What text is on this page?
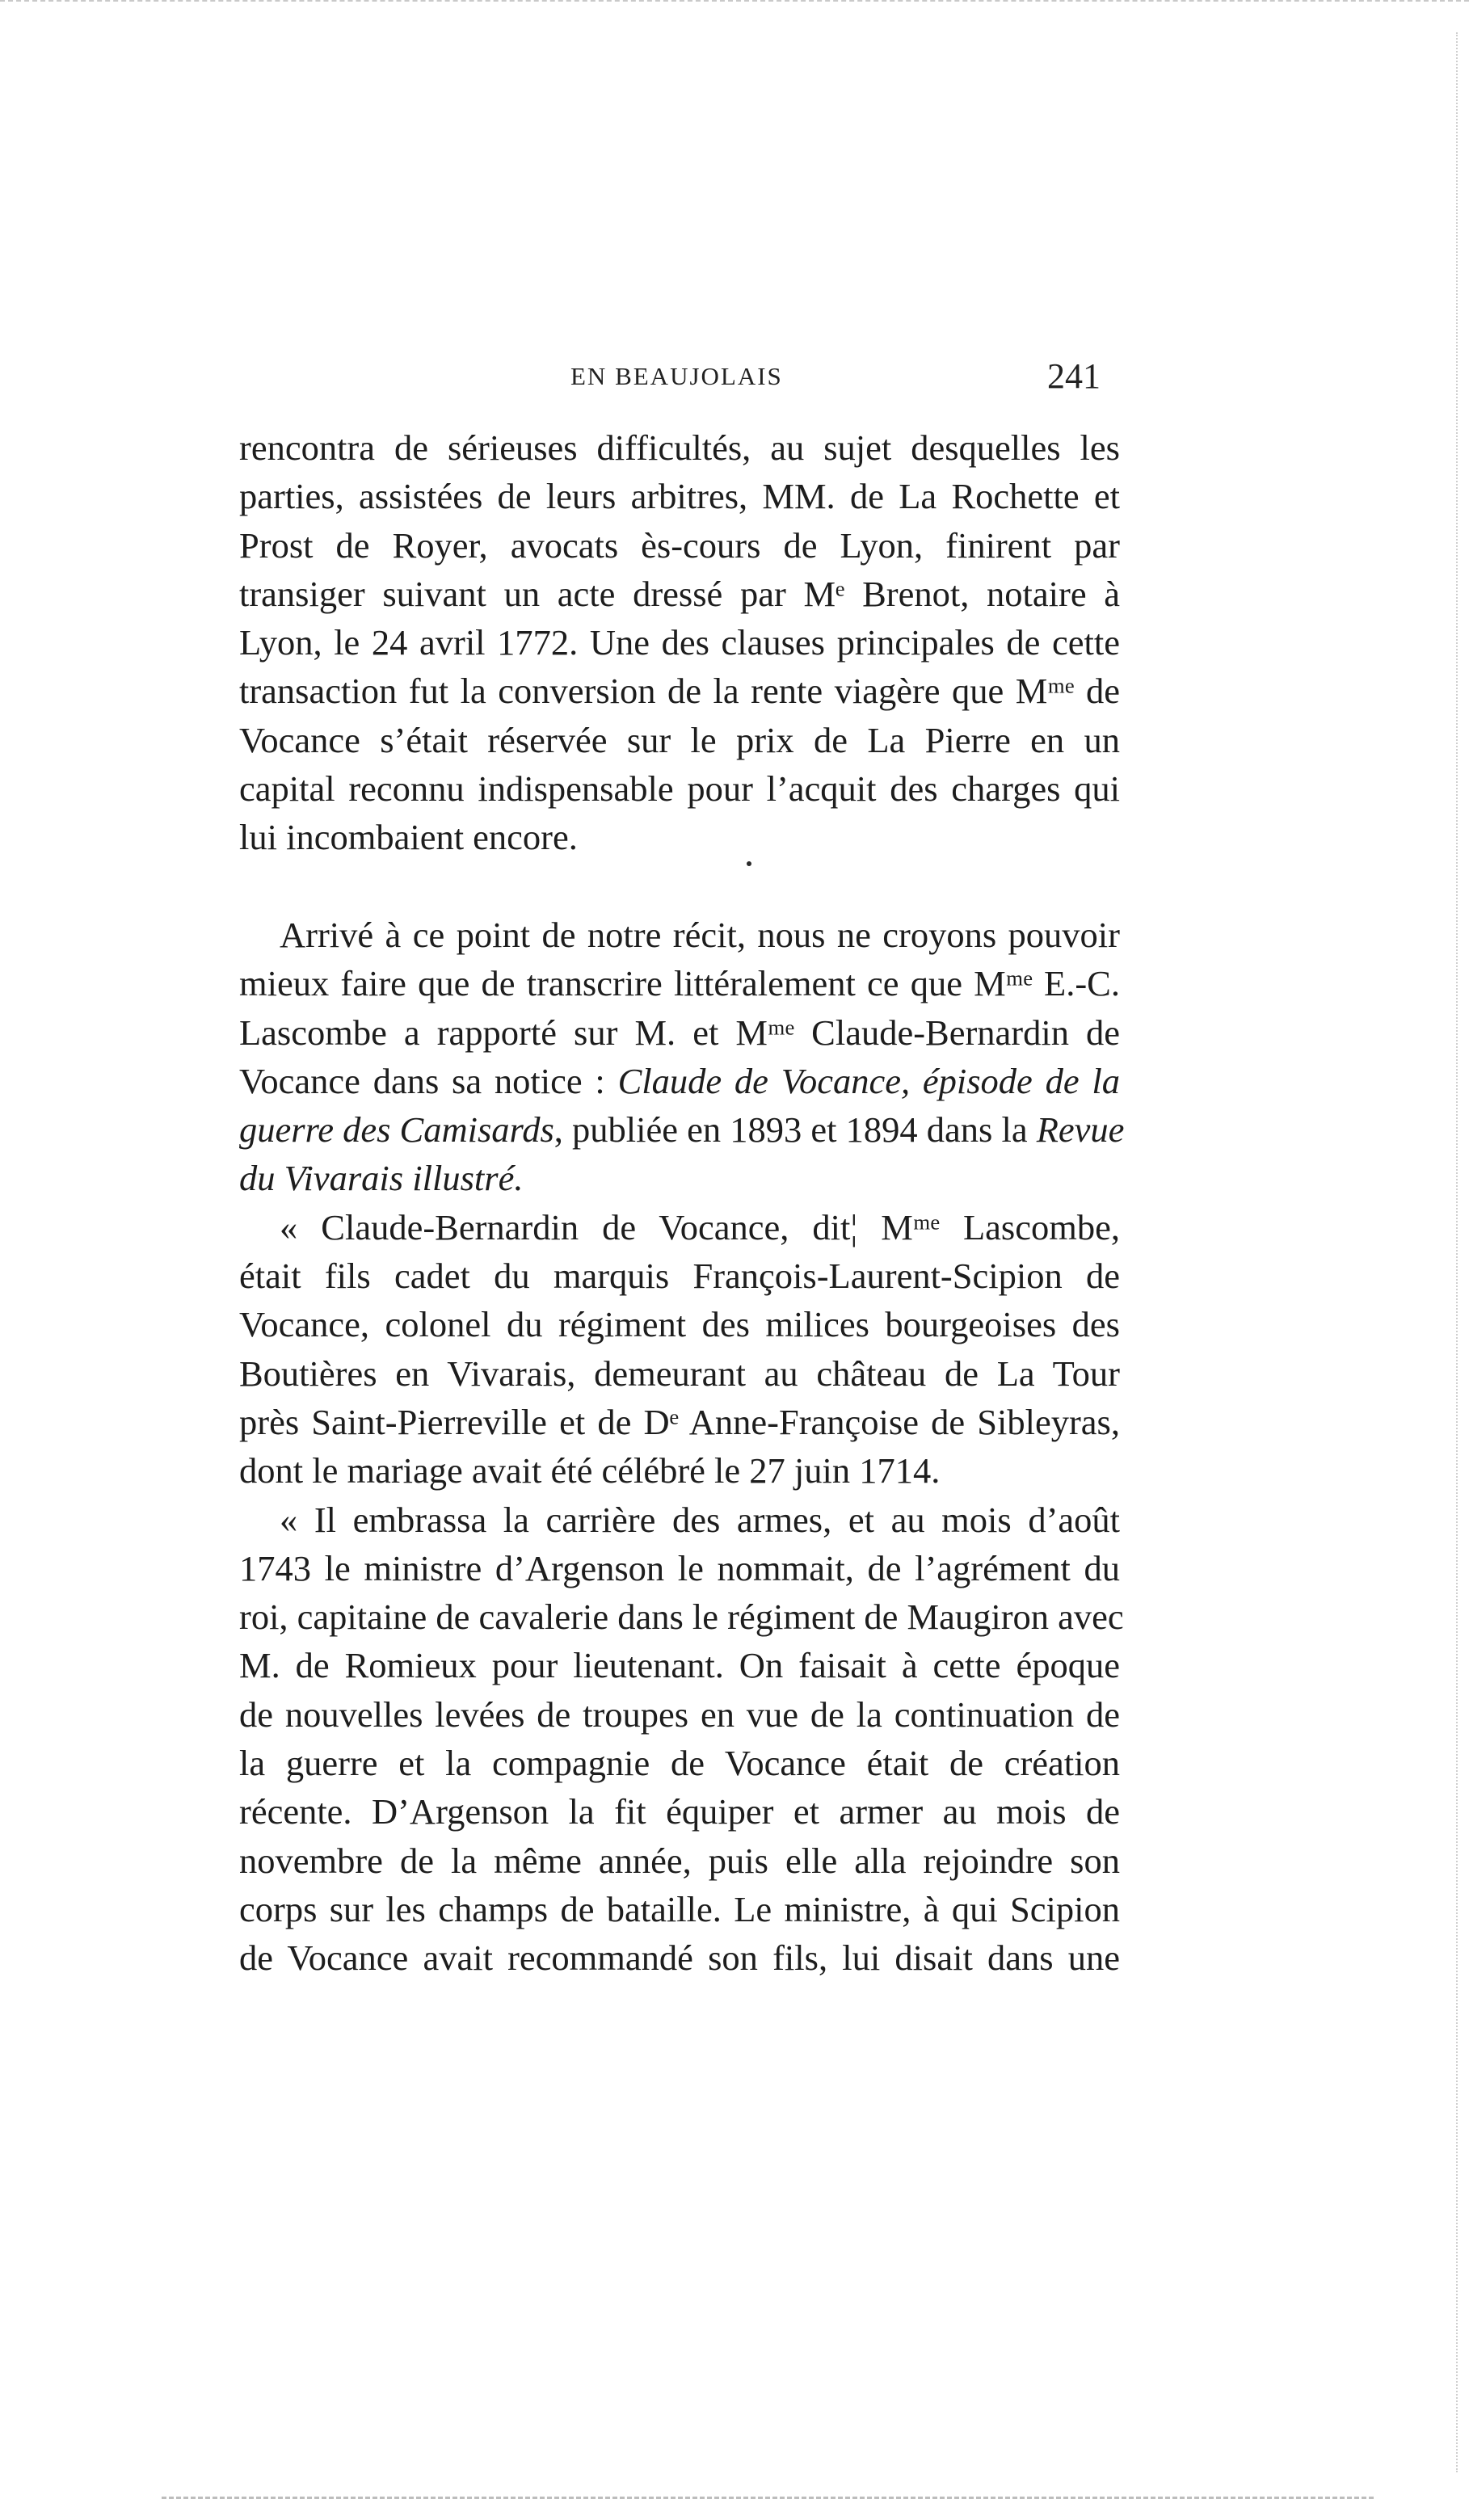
EN BEAUJOLAIS	241
rencontra de sérieuses difficultés, au sujet desquelles les
parties, assistées de leurs arbitres, MM. de La Rochette et
Prost de Royer, avocats ès-cours de Lyon, finirent par
transiger suivant un acte dressé par Mᵉ Brenot, notaire à
Lyon, le 24 avril 1772. Une des clauses principales de cette
transaction fut la conversion de la rente viagère que Mᵐᵉ de
Vocance s’était réservée sur le prix de La Pierre en un
capital reconnu indispensable pour l’acquit des charges qui
lui incombaient encore.
Arrivé à ce point de notre récit, nous ne croyons pouvoir
mieux faire que de transcrire littéralement ce que Mᵐᵉ E.-C.
Lascombe a rapporté sur M. et Mᵐᵉ Claude-Bernardin de
Vocance dans sa notice : Claude de Vocance, épisode de la
guerre des Camisards, publiée en 1893 et 1894 dans la Revue
du Vivarais illustré.
« Claude-Bernardin de Vocance, dit¦ Mᵐᵉ Lascombe,
était fils cadet du marquis François-Laurent-Scipion de
Vocance, colonel du régiment des milices bourgeoises des
Boutières en Vivarais, demeurant au château de La Tour
près Saint-Pierreville et de Dᵉ Anne-Françoise de Sibleyras,
dont le mariage avait été célébré le 27 juin 1714.
« Il embrassa la carrière des armes, et au mois d’août
1743 le ministre d’Argenson le nommait, de l’agrément du
roi, capitaine de cavalerie dans le régiment de Maugiron avec
M. de Romieux pour lieutenant. On faisait à cette époque
de nouvelles levées de troupes en vue de la continuation de
la guerre et la compagnie de Vocance était de création
récente. D’Argenson la fit équiper et armer au mois de
novembre de la même année, puis elle alla rejoindre son
corps sur les champs de bataille. Le ministre, à qui Scipion
de Vocance avait recommandé son fils, lui disait dans une
